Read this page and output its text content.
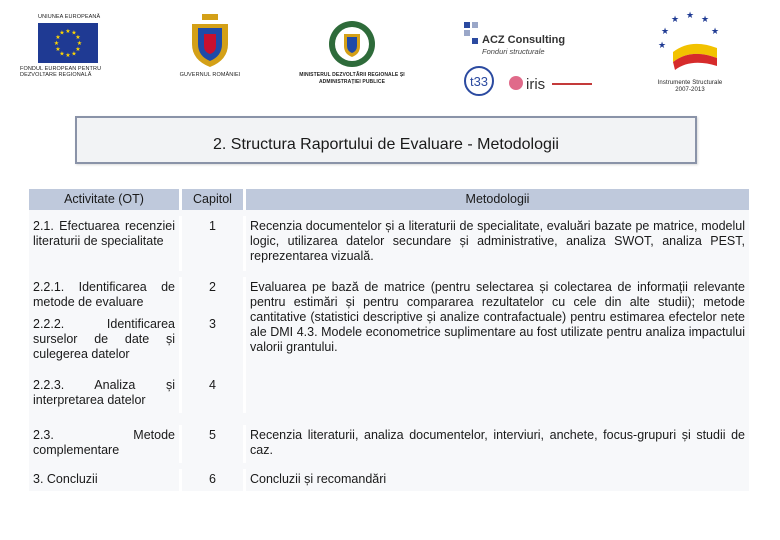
UNIUNEA EUROPEANĂ
★ ★
★
★
★
★
★
★
★
★
★
★
FONDUL EUROPEAN PENTRU DEZVOLTARE REGIONALĂ	GUVERNUL ROMÂNIEI	MINISTERUL DEZVOLTĂRII REGIONALE ȘI ADMINISTRAȚIEI PUBLICE
ACZ Consulting
Fonduri structurale
t33	iris
★ ★
★
★
★
★
Instrumente Structurale
2007-2013
2. Structura Raportului de Evaluare - Metodologii
Activitate (OT)		Capitol		Metodologii

2.1. Efectuarea recenziei literaturii de specialitate		1		Recenzia documentelor și a literaturii de specialitate, evaluări bazate pe matrice, modelul logic, utilizarea datelor secundare și administrative, analiza SWOT, analiza PEST, reprezentarea vizuală.

2.2.1. Identificarea de metode de evaluare		2		Evaluarea pe bază de matrice (pentru selectarea și colectarea de informații relevante pentru estimări și pentru compararea rezultatelor cu cele din alte studii); metode cantitative (statistici descriptive și analize contrafactuale) pentru estimarea efectelor nete ale DMI 4.3. Modele econometrice suplimentare au fost utilizate pentru analiza impactului valorii grantului.
2.2.2. Identificarea surselor de date și culegerea datelor		3		
2.2.3. Analiza și interpretarea datelor		4		

2.3. Metode complementare		5		Recenzia literaturii, analiza documentelor, interviuri, anchete, focus-grupuri și studii de caz.

3. Concluzii		6		Concluzii și recomandări
